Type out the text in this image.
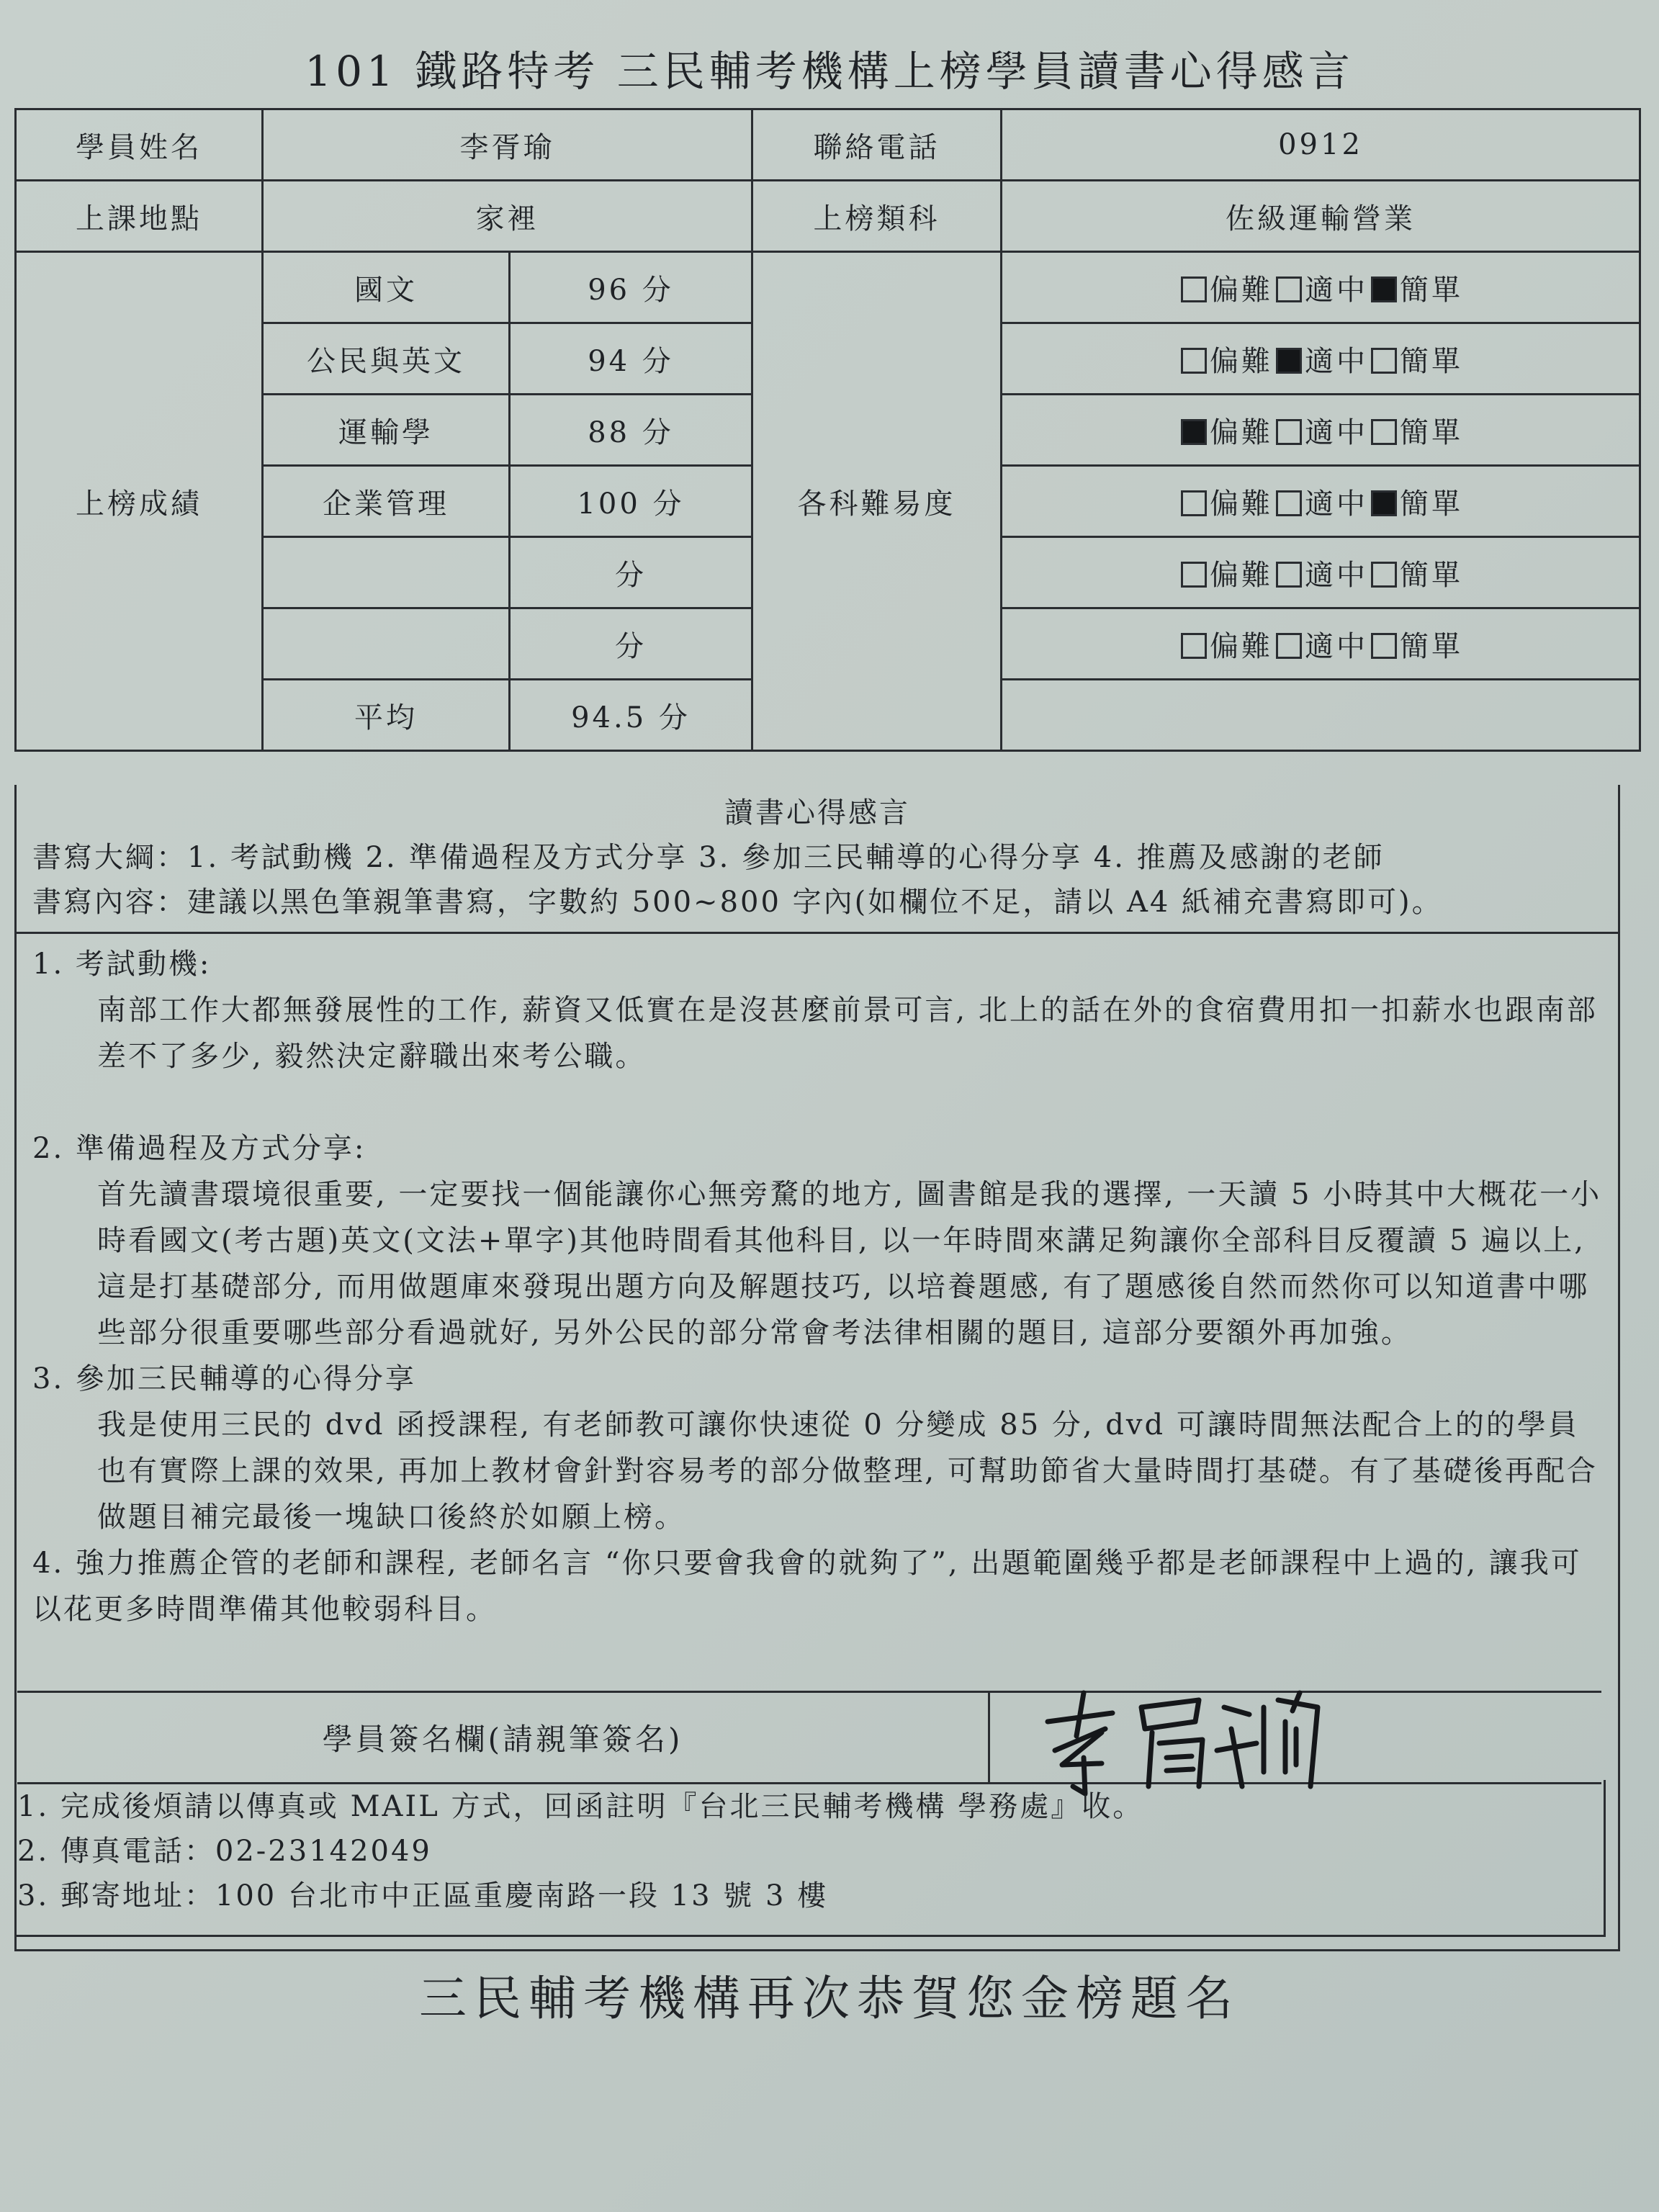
101 鐵路特考 三民輔考機構上榜學員讀書心得感言
學員姓名	李胥瑜		聯絡電話	0912
上課地點	家裡		上榜類科	佐級運輸營業
上榜成績	國文	96 分	各科難易度	偏難 適中 簡單
	公民與英文	94 分		偏難 適中 簡單
	運輸學	88 分		偏難 適中 簡單
	企業管理	100 分		偏難 適中 簡單
		分		偏難 適中 簡單
		分		偏難 適中 簡單
	平均	94.5 分		
讀書心得感言
書寫大綱：1. 考試動機 2. 準備過程及方式分享 3. 參加三民輔導的心得分享 4. 推薦及感謝的老師
書寫內容：建議以黑色筆親筆書寫，字數約 500~800 字內(如欄位不足，請以 A4 紙補充書寫即可)。
1. 考試動機:
南部工作大都無發展性的工作, 薪資又低實在是沒甚麼前景可言, 北上的話在外的食宿費用扣一扣薪水也跟南部差不了多少, 毅然決定辭職出來考公職。
2. 準備過程及方式分享:
首先讀書環境很重要, 一定要找一個能讓你心無旁騖的地方, 圖書館是我的選擇, 一天讀 5 小時其中大概花一小時看國文(考古題)英文(文法+單字)其他時間看其他科目, 以一年時間來講足夠讓你全部科目反覆讀 5 遍以上, 這是打基礎部分, 而用做題庫來發現出題方向及解題技巧, 以培養題感, 有了題感後自然而然你可以知道書中哪些部分很重要哪些部分看過就好, 另外公民的部分常會考法律相關的題目, 這部分要額外再加強。
3. 參加三民輔導的心得分享
我是使用三民的 dvd 函授課程, 有老師教可讓你快速從 0 分變成 85 分, dvd 可讓時間無法配合上的的學員也有實際上課的效果, 再加上教材會針對容易考的部分做整理, 可幫助節省大量時間打基礎。有了基礎後再配合做題目補完最後一塊缺口後終於如願上榜。
4. 強力推薦企管的老師和課程, 老師名言 “你只要會我會的就夠了”, 出題範圍幾乎都是老師課程中上過的, 讓我可以花更多時間準備其他較弱科目。
學員簽名欄(請親筆簽名)
1. 完成後煩請以傳真或 MAIL 方式，回函註明『台北三民輔考機構 學務處』收。
2. 傳真電話：02-23142049
3. 郵寄地址：100 台北市中正區重慶南路一段 13 號 3 樓
三民輔考機構再次恭賀您金榜題名
